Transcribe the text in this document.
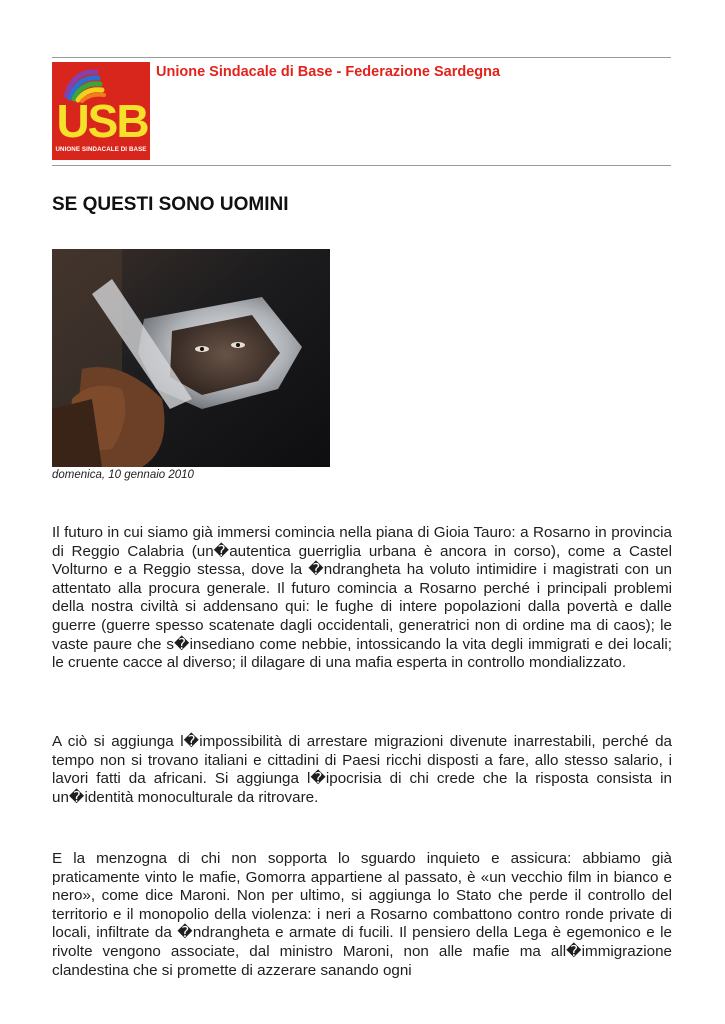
USB
UNIONE SINDACALE DI BASE
Unione Sindacale di Base - Federazione Sardegna
SE QUESTI SONO UOMINI
domenica, 10 gennaio 2010

Il futuro in cui siamo già immersi comincia nella piana di Gioia Tauro: a Rosarno in provincia di Reggio Calabria (un�autentica guerriglia urbana è ancora in corso), come a Castel Volturno e a Reggio stessa, dove la �ndrangheta ha voluto intimidire i magistrati con un attentato alla procura generale. Il futuro comincia a Rosarno perché i principali problemi della nostra civiltà si addensano qui: le fughe di intere popolazioni dalla povertà e dalle guerre (guerre spesso scatenate dagli occidentali, generatrici non di ordine ma di caos); le vaste paure che s�insediano come nebbie, intossicando la vita degli immigrati e dei locali; le cruente cacce al diverso; il dilagare di una mafia esperta in controllo mondializzato.

A ciò si aggiunga l�impossibilità di arrestare migrazioni divenute inarrestabili, perché da tempo non si trovano italiani e cittadini di Paesi ricchi disposti a fare, allo stesso salario, i lavori fatti da africani. Si aggiunga l�ipocrisia di chi crede che la risposta consista in un�identità monoculturale da ritrovare.

E la menzogna di chi non sopporta lo sguardo inquieto e assicura: abbiamo già praticamente vinto le mafie, Gomorra appartiene al passato, è «un vecchio film in bianco e nero», come dice Maroni. Non per ultimo, si aggiunga lo Stato che perde il controllo del territorio e il monopolio della violenza: i neri a Rosarno combattono contro ronde private di locali, infiltrate da �ndrangheta e armate di fucili. Il pensiero della Lega è egemonico e le rivolte vengono associate, dal ministro Maroni, non alle mafie ma all�immigrazione clandestina che si promette di azzerare sanando ogni
